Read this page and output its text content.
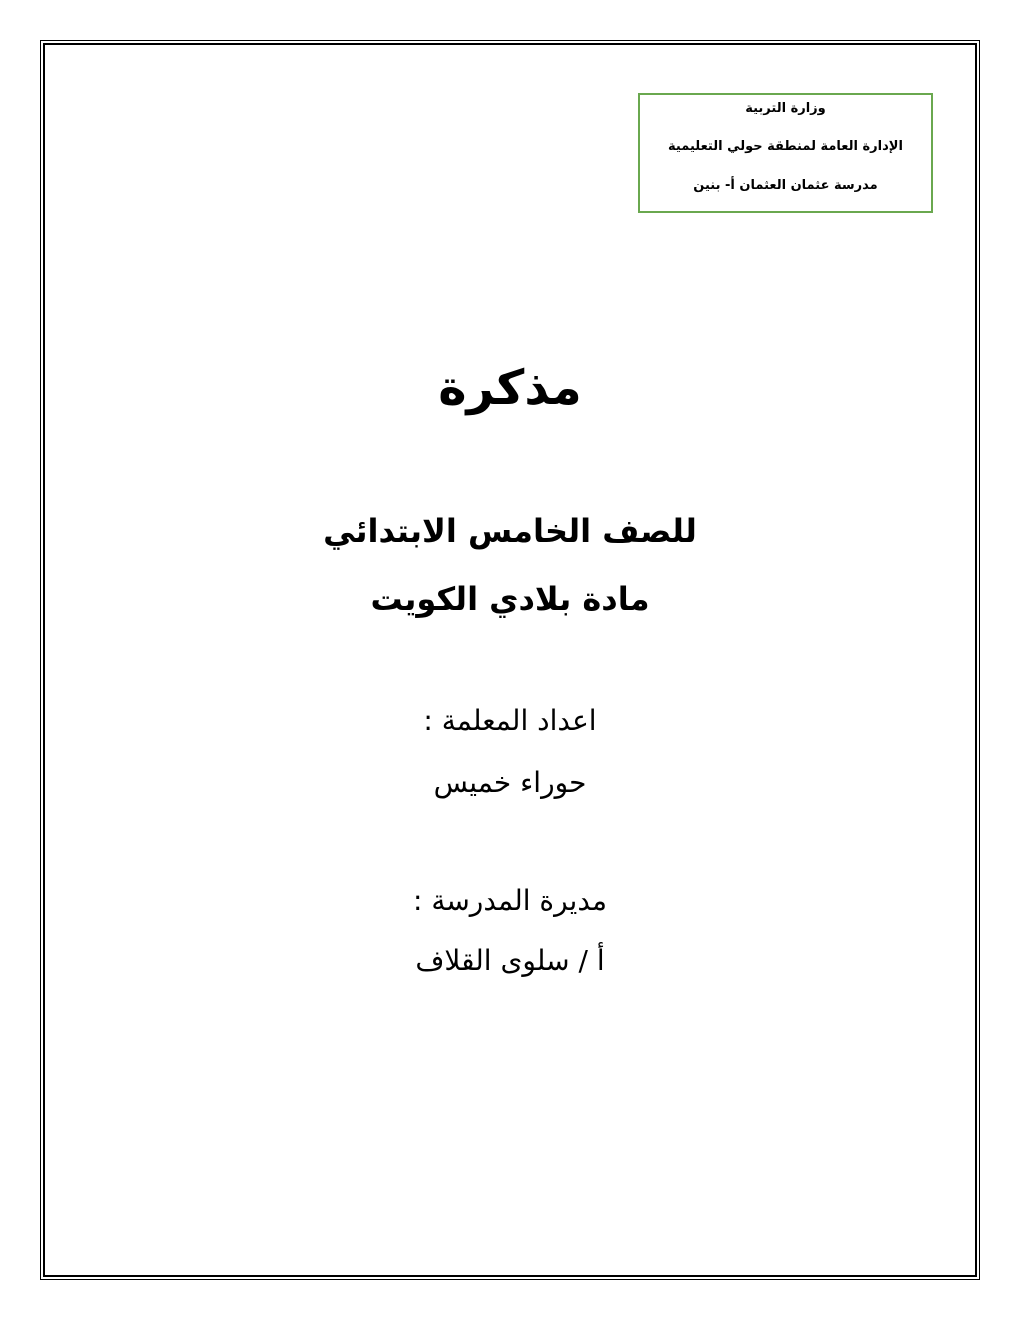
وزارة التربية
الإدارة العامة لمنطقة حولي التعليمية
مدرسة عثمان العثمان أ- بنين
مذكرة
للصف الخامس الابتدائي
مادة بلادي الكويت
اعداد المعلمة :
حوراء خميس
مديرة المدرسة :
أ / سلوى القلاف
